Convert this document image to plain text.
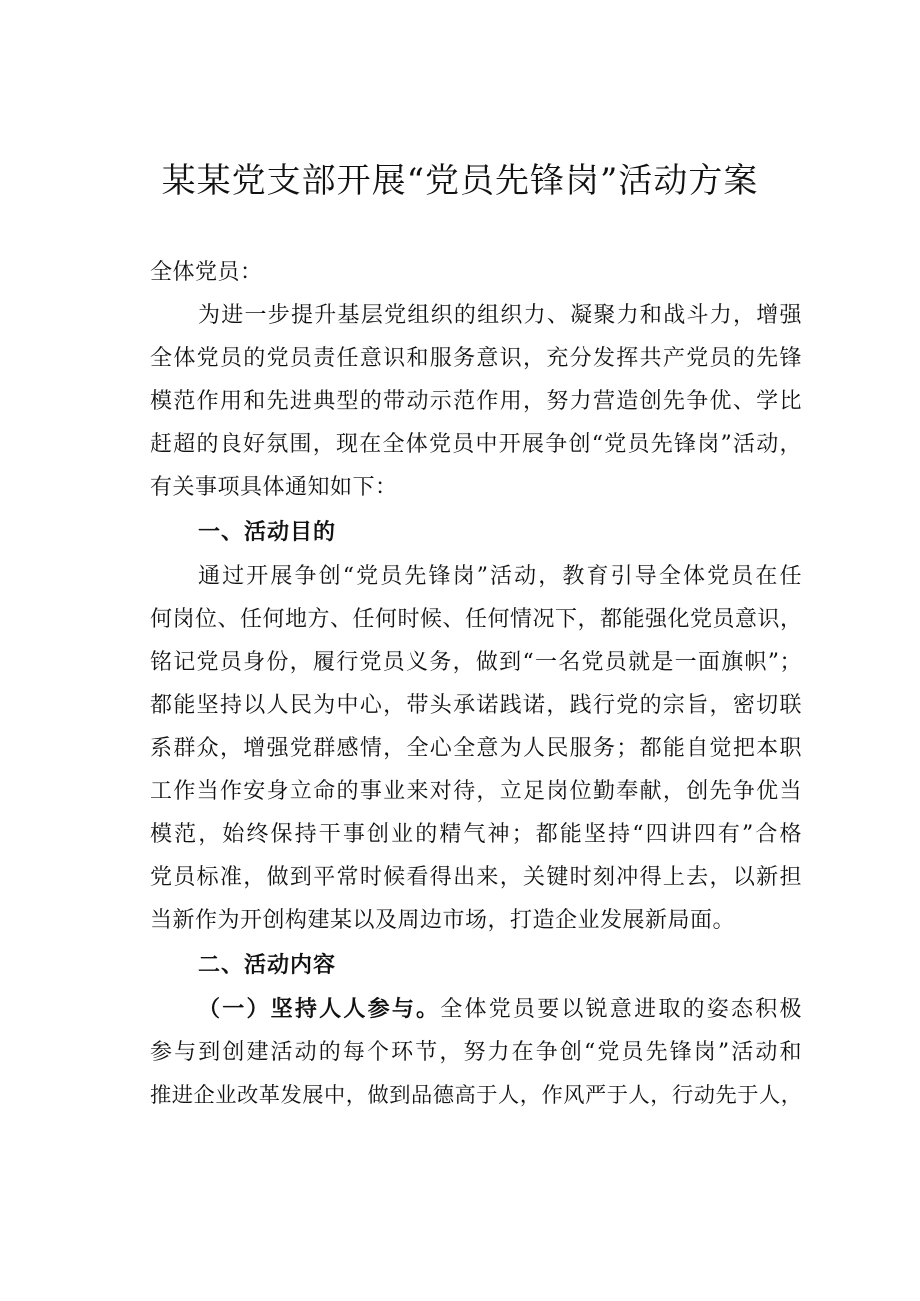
某某党支部开展“党员先锋岗”活动方案
全体党员：
为进一步提升基层党组织的组织力、凝聚力和战斗力，增强
全体党员的党员责任意识和服务意识，充分发挥共产党员的先锋
模范作用和先进典型的带动示范作用，努力营造创先争优、学比
赶超的良好氛围，现在全体党员中开展争创“党员先锋岗”活动，
有关事项具体通知如下：
一、活动目的
通过开展争创“党员先锋岗”活动，教育引导全体党员在任
何岗位、任何地方、任何时候、任何情况下，都能强化党员意识，
铭记党员身份，履行党员义务，做到“一名党员就是一面旗帜”；
都能坚持以人民为中心，带头承诺践诺，践行党的宗旨，密切联
系群众，增强党群感情，全心全意为人民服务；都能自觉把本职
工作当作安身立命的事业来对待，立足岗位勤奉献，创先争优当
模范，始终保持干事创业的精气神；都能坚持“四讲四有”合格
党员标准，做到平常时候看得出来，关键时刻冲得上去，以新担
当新作为开创构建某以及周边市场，打造企业发展新局面。
二、活动内容
（一）坚持人人参与。全体党员要以锐意进取的姿态积极
参与到创建活动的每个环节，努力在争创“党员先锋岗”活动和
推进企业改革发展中，做到品德高于人，作风严于人，行动先于人，
